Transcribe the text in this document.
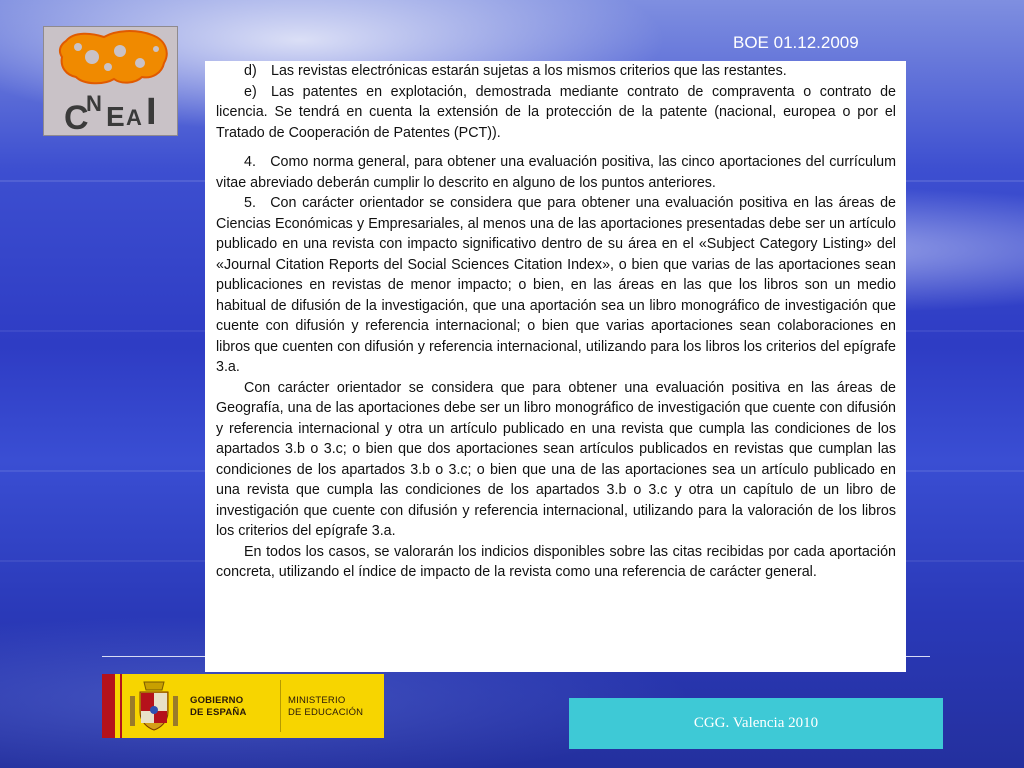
C
N E A I
BOE 01.12.2009

d) Las revistas electrónicas estarán sujetas a los mismos criterios que las restantes.

e) Las patentes en explotación, demostrada mediante contrato de compraventa o contrato de licencia. Se tendrá en cuenta la extensión de la protección de la patente (nacional, europea o por el Tratado de Cooperación de Patentes (PCT)).

4. Como norma general, para obtener una evaluación positiva, las cinco aportaciones del currículum vitae abreviado deberán cumplir lo descrito en alguno de los puntos anteriores.

5. Con carácter orientador se considera que para obtener una evaluación positiva en las áreas de Ciencias Económicas y Empresariales, al menos una de las aportaciones presentadas debe ser un artículo publicado en una revista con impacto significativo dentro de su área en el «Subject Category Listing» del «Journal Citation Reports del Social Sciences Citation Index», o bien que varias de las aportaciones sean publicaciones en revistas de menor impacto; o bien, en las áreas en las que los libros son un medio habitual de difusión de la investigación, que una aportación sea un libro monográfico de investigación que cuente con difusión y referencia internacional; o bien que varias aportaciones sean colaboraciones en libros que cuenten con difusión y referencia internacional, utilizando para los libros los criterios del epígrafe 3.a.

Con carácter orientador se considera que para obtener una evaluación positiva en las áreas de Geografía, una de las aportaciones debe ser un libro monográfico de investigación que cuente con difusión y referencia internacional y otra un artículo publicado en una revista que cumpla las condiciones de los apartados 3.b o 3.c; o bien que dos aportaciones sean artículos publicados en revistas que cumplan las condiciones de los apartados 3.b o 3.c; o bien que una de las aportaciones sea un artículo publicado en una revista que cumpla las condiciones de los apartados 3.b o 3.c y otra un capítulo de un libro de investigación que cuente con difusión y referencia internacional, utilizando para la valoración de los libros los criterios del epígrafe 3.a.

En todos los casos, se valorarán los indicios disponibles sobre las citas recibidas por cada aportación concreta, utilizando el índice de impacto de la revista como una referencia de carácter general.

GOBIERNO
DE ESPAÑA
MINISTERIO
DE EDUCACIÓN
CGG. Valencia 2010
